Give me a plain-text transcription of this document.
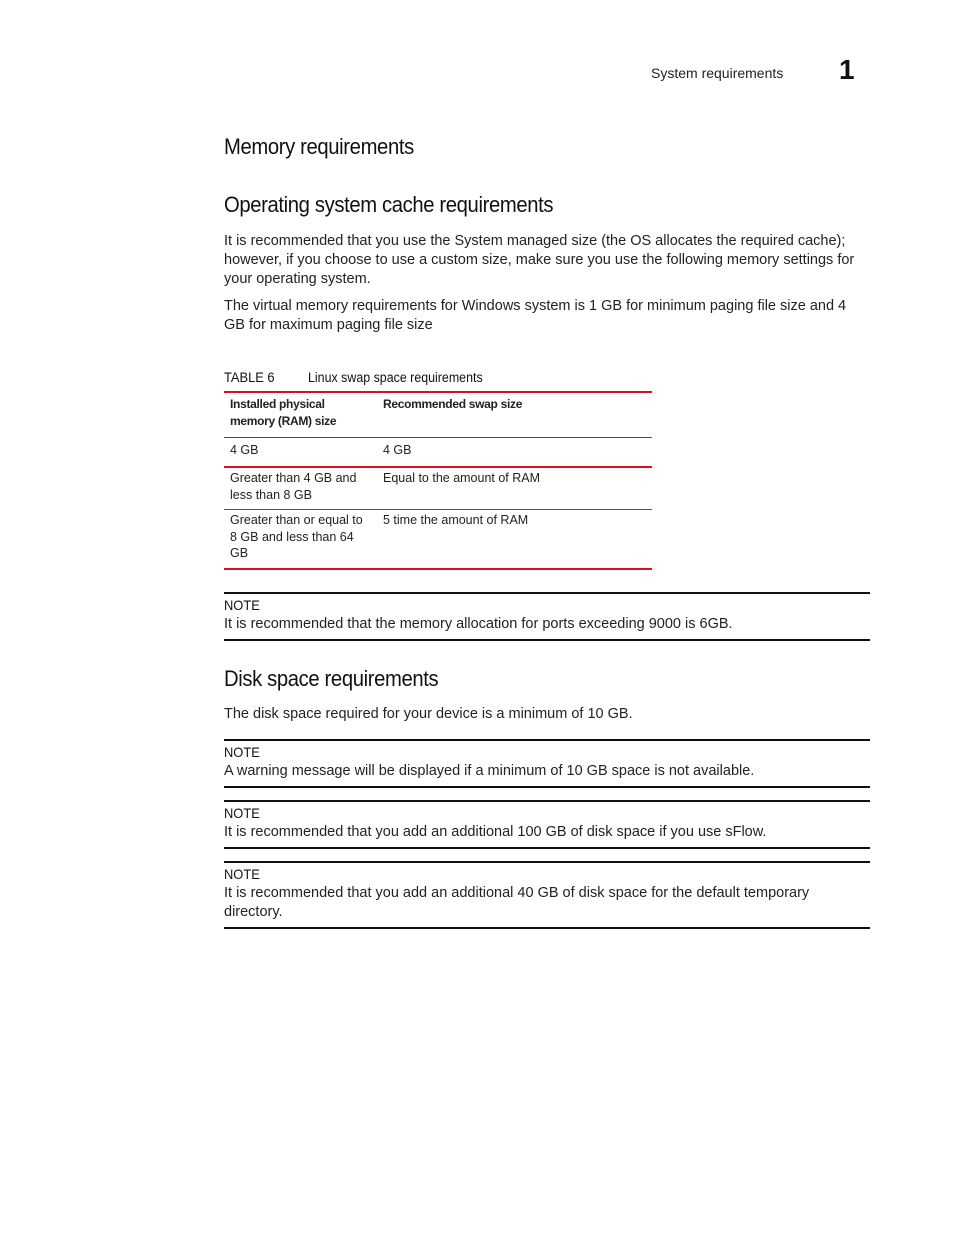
System requirements 1
Memory requirements
Operating system cache requirements

It is recommended that you use the System managed size (the OS allocates the required cache); however, if you choose to use a custom size, make sure you use the following memory settings for your operating system.

The virtual memory requirements for Windows system is 1 GB for minimum paging file size and 4 GB for maximum paging file size

TABLE 6 Linux swap space requirements
Installed physical memory (RAM) size	Recommended swap size
4 GB	4 GB
Greater than 4 GB and less than 8 GB	Equal to the amount of RAM
Greater than or equal to 8 GB and less than 64 GB	5 time the amount of RAM
NOTE
It is recommended that the memory allocation for ports exceeding 9000 is 6GB.
Disk space requirements

The disk space required for your device is a minimum of 10 GB.

NOTE
A warning message will be displayed if a minimum of 10 GB space is not available.
NOTE
It is recommended that you add an additional 100 GB of disk space if you use sFlow.
NOTE
It is recommended that you add an additional 40 GB of disk space for the default temporary directory.
